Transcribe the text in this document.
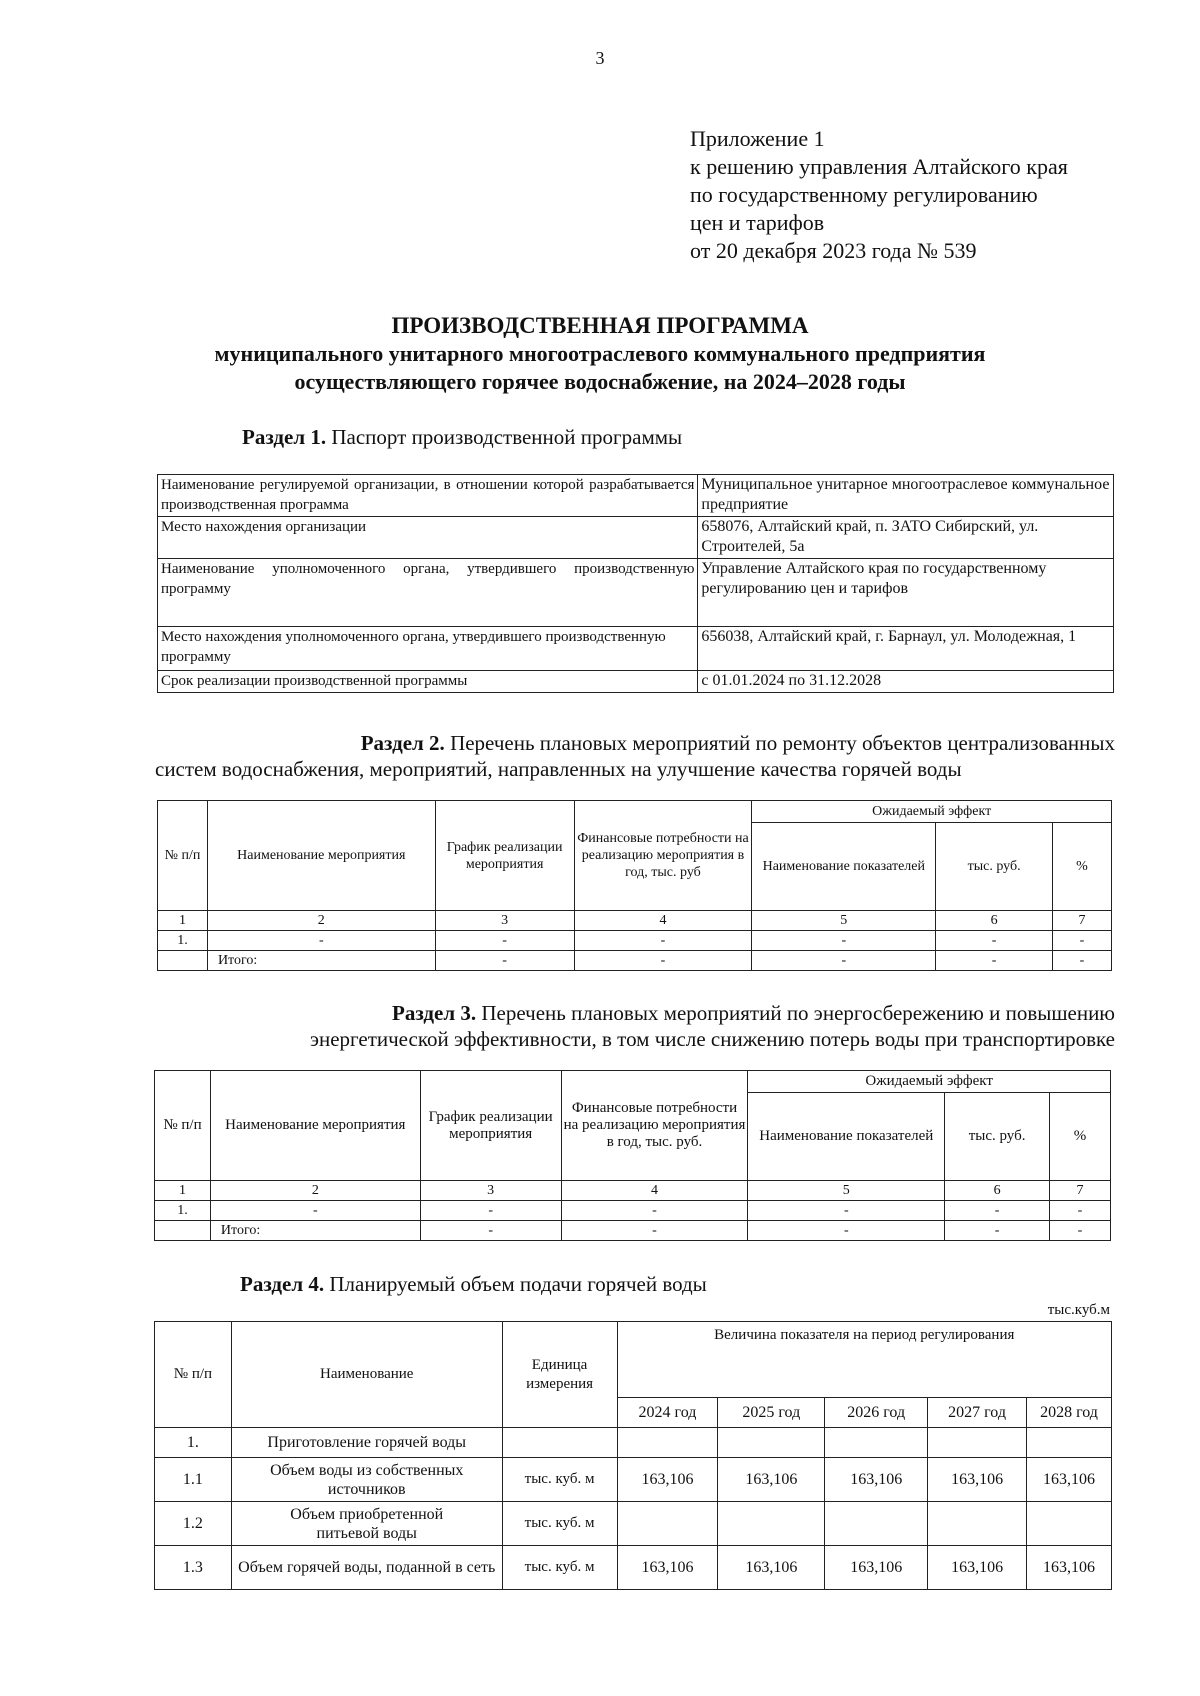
3
Приложение 1
к решению управления Алтайского края
по государственному регулированию
цен и тарифов
от 20 декабря 2023 года № 539
ПРОИЗВОДСТВЕННАЯ ПРОГРАММА
муниципального унитарного многоотраслевого коммунального предприятия
осуществляющего горячее водоснабжение, на 2024–2028 годы
Раздел 1. Паспорт производственной программы
Наименование регулируемой организации, в отношении которой разрабатывается производственная программа	Муниципальное унитарное многоотраслевое коммунальное предприятие
Место нахождения организации	658076, Алтайский край, п. ЗАТО Сибирский, ул. Строителей, 5а
Наименование уполномоченного органа, утвердившего производственную программу	Управление Алтайского края по государственному регулированию цен и тарифов
Место нахождения уполномоченного органа, утвердившего производственную программу	656038, Алтайский край, г. Барнаул, ул. Молодежная, 1
Срок реализации производственной программы	с 01.01.2024 по 31.12.2028
Раздел 2. Перечень плановых мероприятий по ремонту объектов централизованных
систем водоснабжения, мероприятий, направленных на улучшение качества горячей воды
№ п/п	Наименование мероприятия	График реализации мероприятия	Финансовые потребности на реализацию мероприятия в год, тыс. руб	Ожидаемый эффект		
				Наименование показателей	тыс. руб.	%
1	2	3	4	5	6	7
1.	-	-	-	-	-	-
	Итого:	-	-	-	-	-
Раздел 3. Перечень плановых мероприятий по энергосбережению и повышению
энергетической эффективности, в том числе снижению потерь воды при транспортировке
№ п/п	Наименование мероприятия	График реализации мероприятия	Финансовые потребности на реализацию мероприятия в год, тыс. руб.	Ожидаемый эффект		
				Наименование показателей	тыс. руб.	%
1	2	3	4	5	6	7
1.	-	-	-	-	-	-
	Итого:	-	-	-	-	-
Раздел 4. Планируемый объем подачи горячей воды
тыс.куб.м
№ п/п	Наименование	Единица измерения	Величина показателя на период регулирования				
			2024 год	2025 год	2026 год	2027 год	2028 год
1.	Приготовление горячей воды						
1.1	Объем воды из собственных источников	тыс. куб. м	163,106	163,106	163,106	163,106	163,106
1.2	Объем приобретенной питьевой воды	тыс. куб. м					
1.3	Объем горячей воды, поданной в сеть	тыс. куб. м	163,106	163,106	163,106	163,106	163,106
